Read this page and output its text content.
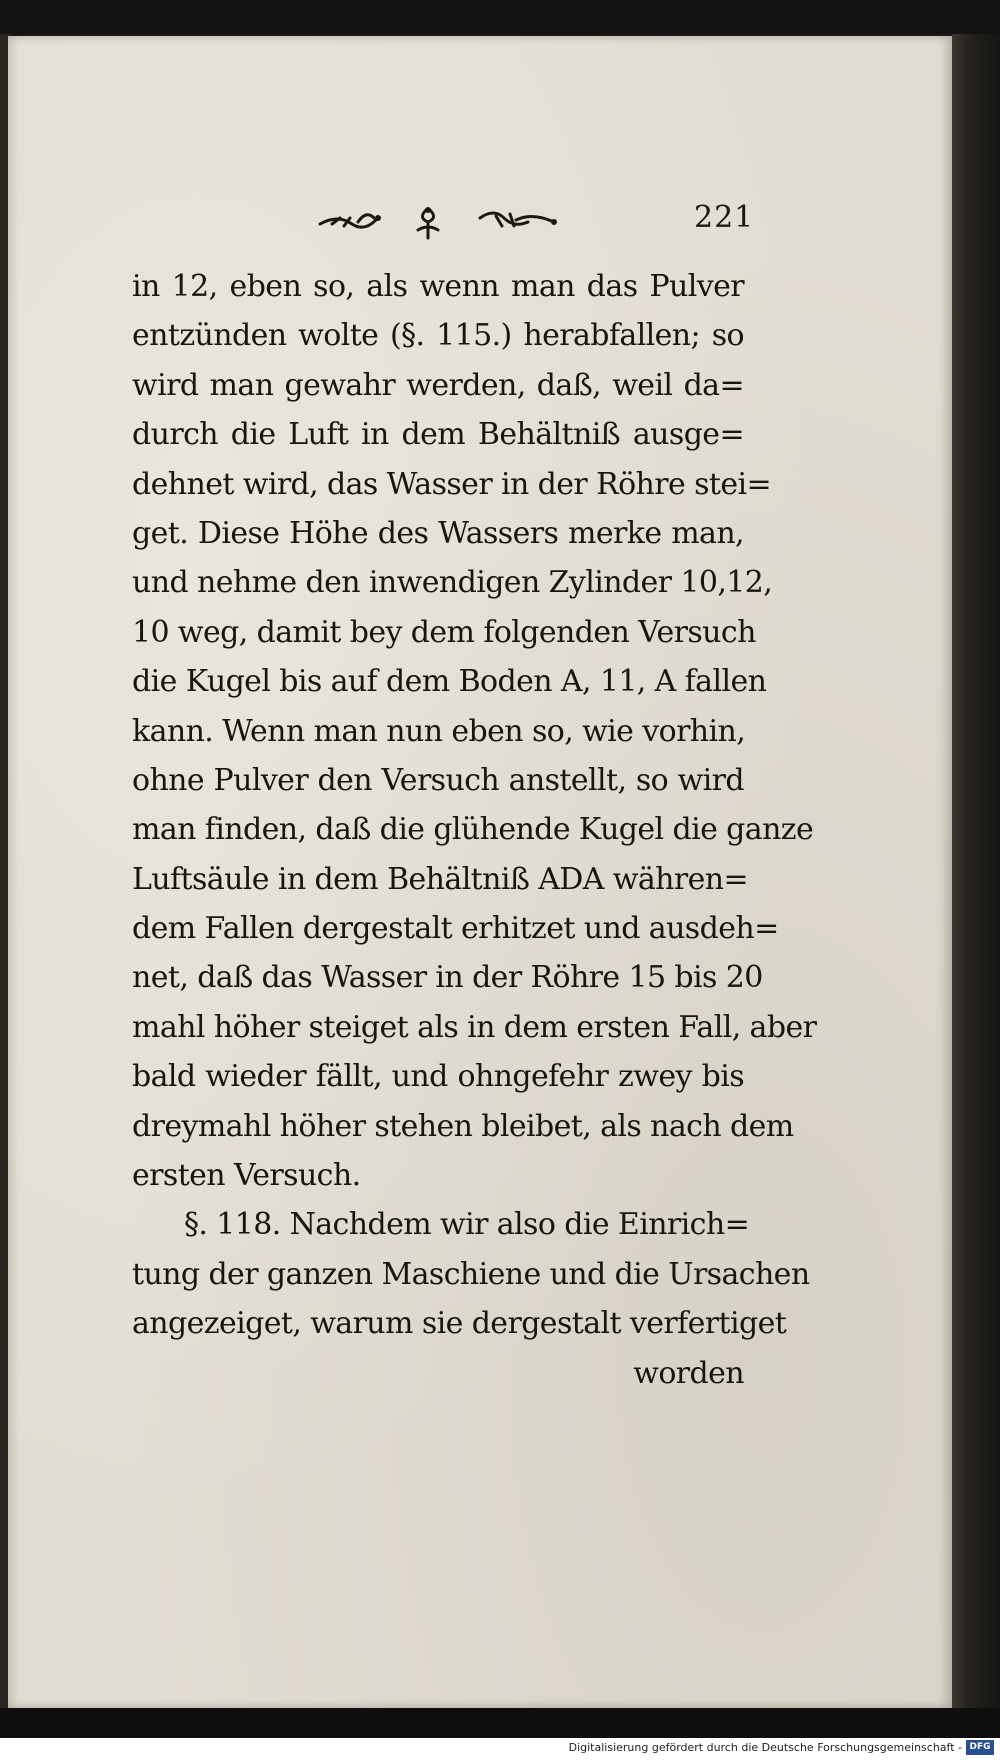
221
in 12, eben so, als wenn man das Pulver
entzünden wolte (§. 115.) herabfallen; so
wird man gewahr werden, daß, weil da=
durch die Luft in dem Behältniß ausge=
dehnet wird, das Wasser in der Röhre stei=
get. Diese Höhe des Wassers merke man,
und nehme den inwendigen Zylinder 10,12,
10 weg, damit bey dem folgenden Versuch
die Kugel bis auf dem Boden A, 11, A fallen
kann. Wenn man nun eben so, wie vorhin,
ohne Pulver den Versuch anstellt, so wird
man finden, daß die glühende Kugel die ganze
Luftsäule in dem Behältniß ADA währen=
dem Fallen dergestalt erhitzet und ausdeh=
net, daß das Wasser in der Röhre 15 bis 20
mahl höher steiget als in dem ersten Fall, aber
bald wieder fällt, und ohngefehr zwey bis
dreymahl höher stehen bleibet, als nach dem
ersten Versuch.
§. 118. Nachdem wir also die Einrich=
tung der ganzen Maschiene und die Ursachen
angezeiget, warum sie dergestalt verfertiget
worden
Digitalisierung gefördert durch die Deutsche Forschungsgemeinschaft - DFG
